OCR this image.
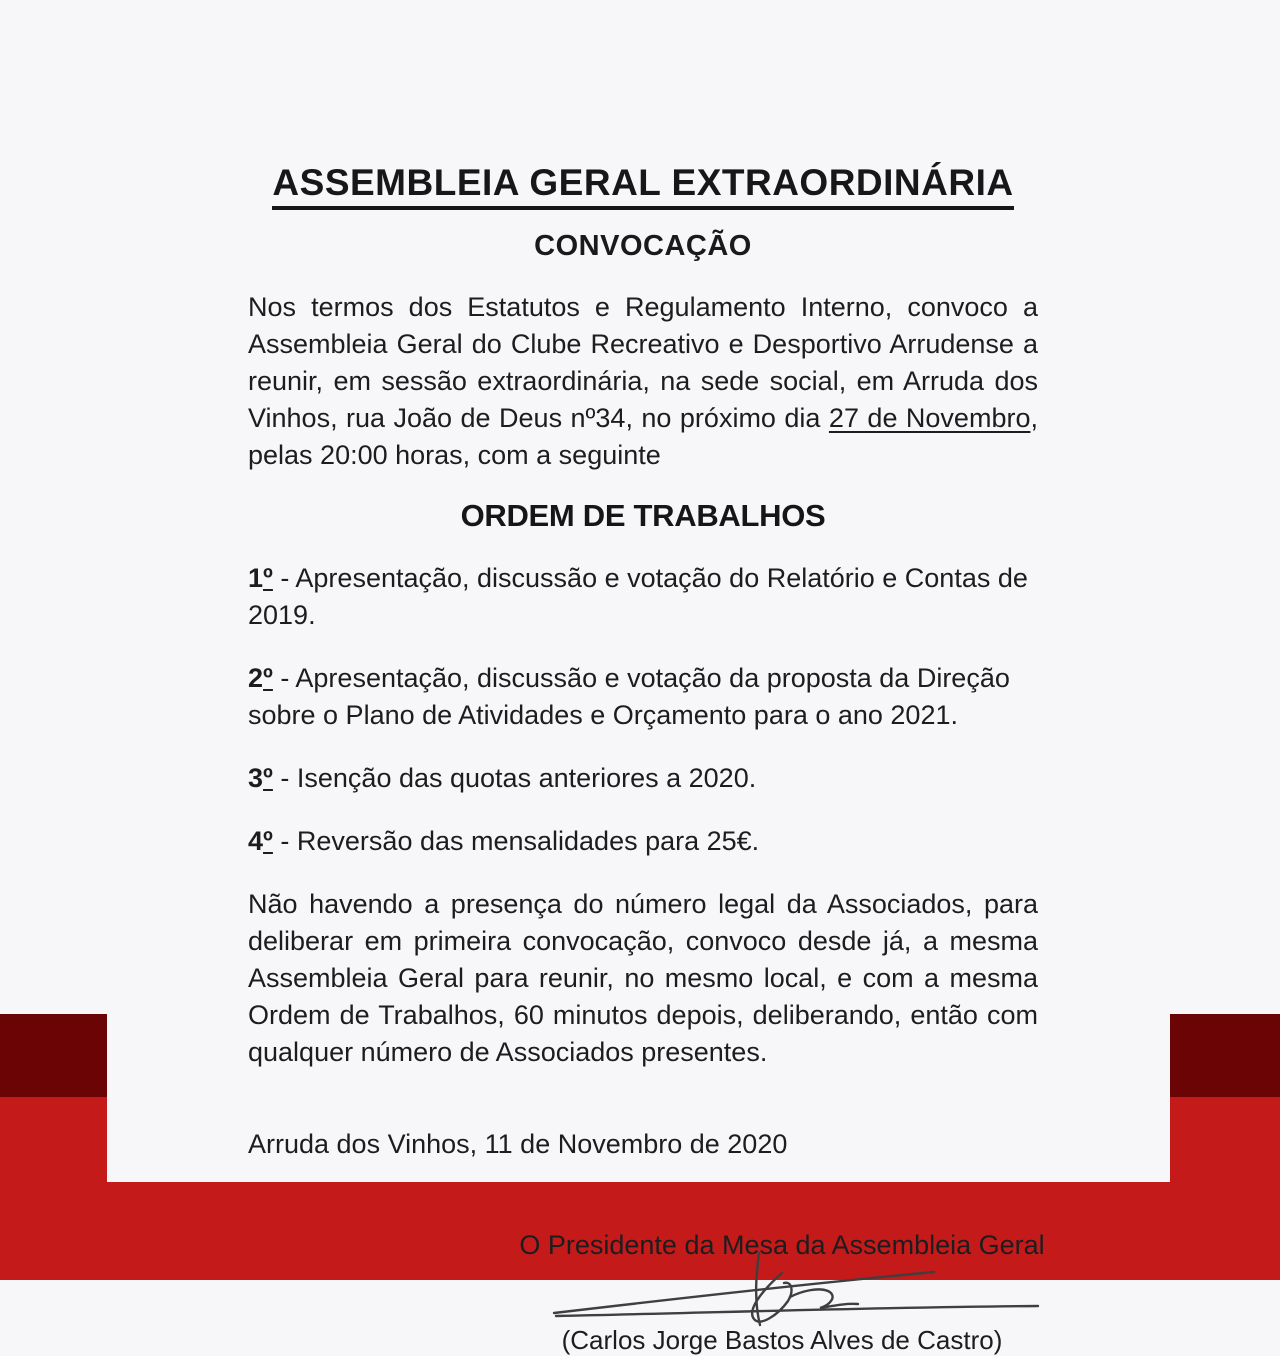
ASSEMBLEIA GERAL EXTRAORDINÁRIA
CONVOCAÇÃO

Nos termos dos Estatutos e Regulamento Interno, convoco a Assembleia Geral do Clube Recreativo e Desportivo Arrudense a reunir, em sessão extraordinária, na sede social, em Arruda dos Vinhos, rua João de Deus nº34, no próximo dia 27 de Novembro, pelas 20:00 horas, com a seguinte

ORDEM DE TRABALHOS

1º - Apresentação, discussão e votação do Relatório e Contas de 2019.

2º - Apresentação, discussão e votação da proposta da Direção sobre o Plano de Atividades e Orçamento para o ano 2021.

3º - Isenção das quotas anteriores a 2020.

4º - Reversão das mensalidades para 25€.

Não havendo a presença do número legal da Associados, para deliberar em primeira convocação, convoco desde já, a mesma Assembleia Geral para reunir, no mesmo local, e com a mesma Ordem de Trabalhos, 60 minutos depois, deliberando, então com qualquer número de Associados presentes.

Arruda dos Vinhos, 11 de Novembro de 2020

O Presidente da Mesa da Assembleia Geral

(Carlos Jorge Bastos Alves de Castro)
